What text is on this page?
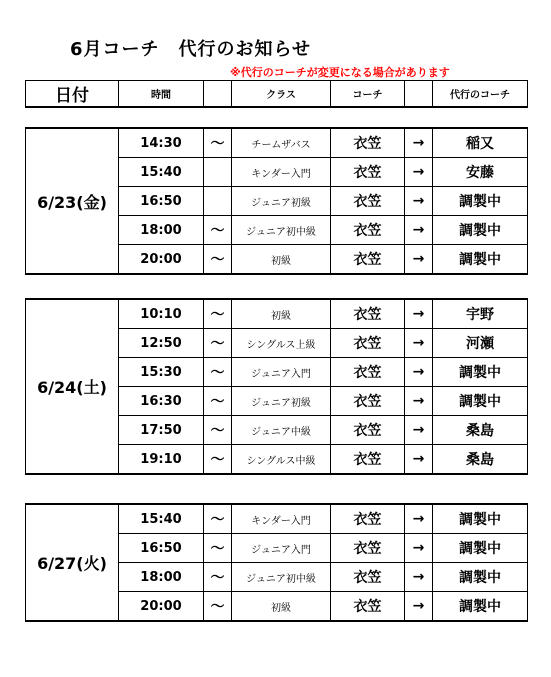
6月コーチ　代行のお知らせ
※代行のコーチが変更になる場合があります
日付	時間		クラス	コーチ		代行のコーチ
6/23(金)	14:30	〜	チームザバス	衣笠	→	稲又
	15:40		キンダー入門	衣笠	→	安藤
	16:50		ジュニア初級	衣笠	→	調製中
	18:00	〜	ジュニア初中級	衣笠	→	調製中
	20:00	〜	初級	衣笠	→	調製中
6/24(土)	10:10	〜	初級	衣笠	→	宇野
	12:50	〜	シングルス上級	衣笠	→	河瀬
	15:30	〜	ジュニア入門	衣笠	→	調製中
	16:30	〜	ジュニア初級	衣笠	→	調製中
	17:50	〜	ジュニア中級	衣笠	→	桑島
	19:10	〜	シングルス中級	衣笠	→	桑島
6/27(火)	15:40	〜	キンダー入門	衣笠	→	調製中
	16:50	〜	ジュニア入門	衣笠	→	調製中
	18:00	〜	ジュニア初中級	衣笠	→	調製中
	20:00	〜	初級	衣笠	→	調製中
